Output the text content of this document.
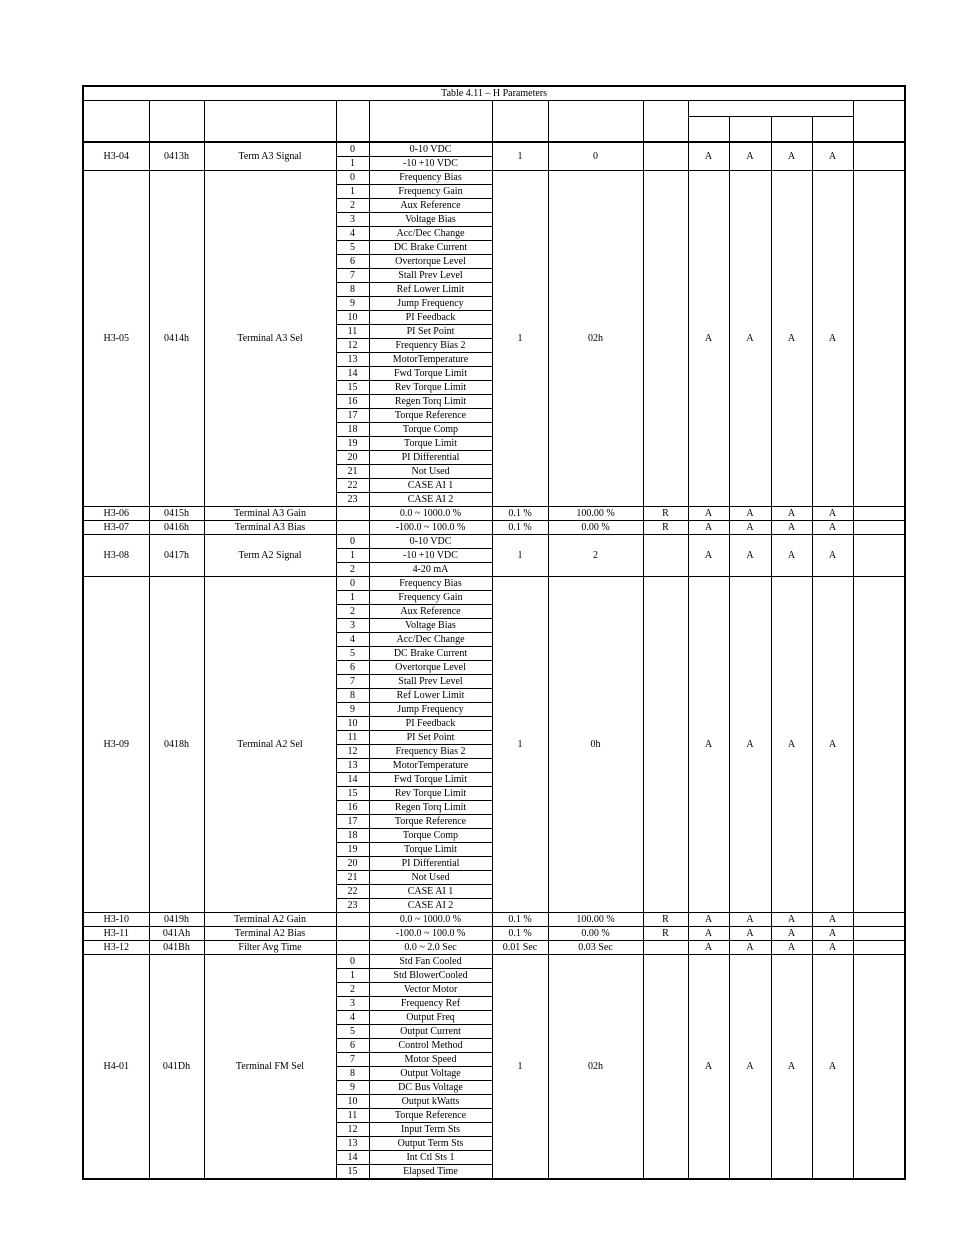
Table 4.11 – H Parameters												

H3-04	0413h	Term A3 Signal	0	0-10 VDC	1	0		A	A	A	A	
			1	-10 +10 VDC								
H3-05	0414h	Terminal A3 Sel	0	Frequency Bias	1	02h		A	A	A	A	
			1	Frequency Gain								
			2	Aux Reference								
			3	Voltage Bias								
			4	Acc/Dec Change								
			5	DC Brake Current								
			6	Overtorque Level								
			7	Stall Prev Level								
			8	Ref Lower Limit								
			9	Jump Frequency								
			10	PI Feedback								
			11	PI Set Point								
			12	Frequency Bias 2								
			13	MotorTemperature								
			14	Fwd Torque Limit								
			15	Rev Torque Limit								
			16	Regen Torq Limit								
			17	Torque Reference								
			18	Torque Comp								
			19	Torque Limit								
			20	PI Differential								
			21	Not Used								
			22	CASE AI 1								
			23	CASE AI 2								
H3-06	0415h	Terminal A3 Gain		0.0 ~ 1000.0 %	0.1 %	100.00 %	R	A	A	A	A	
H3-07	0416h	Terminal A3 Bias		-100.0 ~ 100.0 %	0.1 %	0.00 %	R	A	A	A	A	
H3-08	0417h	Term A2 Signal	0	0-10 VDC	1	2		A	A	A	A	
			1	-10 +10 VDC								
			2	4-20 mA								
H3-09	0418h	Terminal A2 Sel	0	Frequency Bias	1	0h		A	A	A	A	
			1	Frequency Gain								
			2	Aux Reference								
			3	Voltage Bias								
			4	Acc/Dec Change								
			5	DC Brake Current								
			6	Overtorque Level								
			7	Stall Prev Level								
			8	Ref Lower Limit								
			9	Jump Frequency								
			10	PI Feedback								
			11	PI Set Point								
			12	Frequency Bias 2								
			13	MotorTemperature								
			14	Fwd Torque Limit								
			15	Rev Torque Limit								
			16	Regen Torq Limit								
			17	Torque Reference								
			18	Torque Comp								
			19	Torque Limit								
			20	PI Differential								
			21	Not Used								
			22	CASE AI 1								
			23	CASE AI 2								
H3-10	0419h	Terminal A2 Gain		0.0 ~ 1000.0 %	0.1 %	100.00 %	R	A	A	A	A	
H3-11	041Ah	Terminal A2 Bias		-100.0 ~ 100.0 %	0.1 %	0.00 %	R	A	A	A	A	
H3-12	041Bh	Filter Avg Time		0.0 ~ 2.0 Sec	0.01 Sec	0.03 Sec		A	A	A	A	
H4-01	041Dh	Terminal FM Sel	0	Std Fan Cooled	1	02h		A	A	A	A	
			1	Std BlowerCooled								
			2	Vector Motor								
			3	Frequency Ref								
			4	Output Freq								
			5	Output Current								
			6	Control Method								
			7	Motor Speed								
			8	Output Voltage								
			9	DC Bus Voltage								
			10	Output kWatts								
			11	Torque Reference								
			12	Input Term Sts								
			13	Output Term Sts								
			14	Int Ctl Sts 1								
			15	Elapsed Time								
